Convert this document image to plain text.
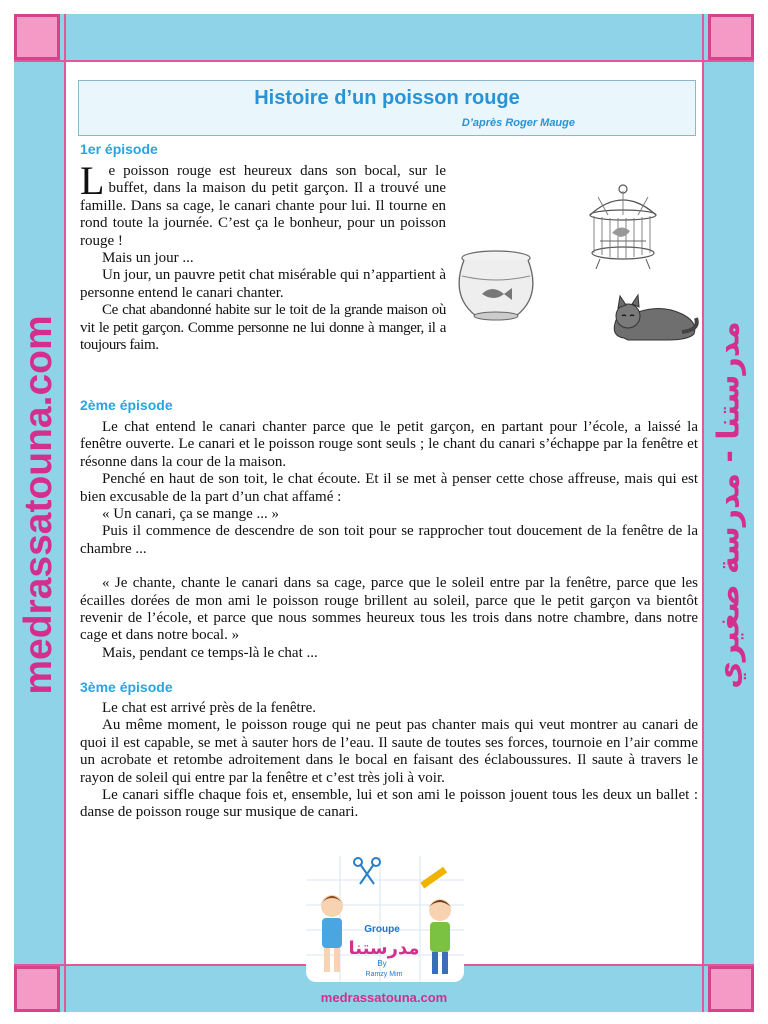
medrassatouna.com	مدرستنا - مدرسة صغيري
Histoire d’un poisson rouge
D’après Roger Mauge
1er épisode

Le poisson rouge est heureux dans son bocal, sur le buffet, dans la maison du petit garçon. Il a trouvé une famille. Dans sa cage, le canari chante pour lui. Il tourne en rond toute la journée. C’est ça le bonheur, pour un poisson rouge !

Mais un jour ...

Un jour, un pauvre petit chat misérable qui n’appartient à personne entend le canari chanter.

Ce chat abandonné habite sur le toit de la grande maison où vit le petit garçon. Comme personne ne lui donne à manger, il a toujours faim.

2ème épisode

Le chat entend le canari chanter parce que le petit garçon, en partant pour l’école, a laissé la fenêtre ouverte. Le canari et le poisson rouge sont seuls ; le chant du canari s’échappe par la fenêtre et résonne dans la cour de la maison.

Penché en haut de son toit, le chat écoute. Et il se met à penser cette chose affreuse, mais qui est bien excusable de la part d’un chat affamé :

« Un canari, ça se mange ... »

Puis il commence de descendre de son toit pour se rapprocher tout doucement de la fenêtre de la chambre ...

« Je chante, chante le canari dans sa cage, parce que le soleil entre par la fenêtre, parce que les écailles dorées de mon ami le poisson rouge brillent au soleil, parce que le petit garçon va bientôt revenir de l’école, et parce que nous sommes heureux tous les trois dans notre chambre, dans notre cage et dans notre bocal. »

Mais, pendant ce temps-là le chat ...

3ème épisode

Le chat est arrivé près de la fenêtre.

Au même moment, le poisson rouge qui ne peut pas chanter mais qui veut montrer au canari de quoi il est capable, se met à sauter hors de l’eau. Il saute de toutes ses forces, tournoie en l’air comme un acrobate et retombe adroitement dans le bocal en faisant des éclaboussures. Il saute à travers le rayon de soleil qui entre par la fenêtre et c’est très joli à voir.

Le canari siffle chaque fois et, ensemble, lui et son ami le poisson jouent tous les deux un ballet : danse de poisson rouge sur musique de canari.

Groupe
مدرستنا
By
Ramzy Mim
medrassatouna.com
